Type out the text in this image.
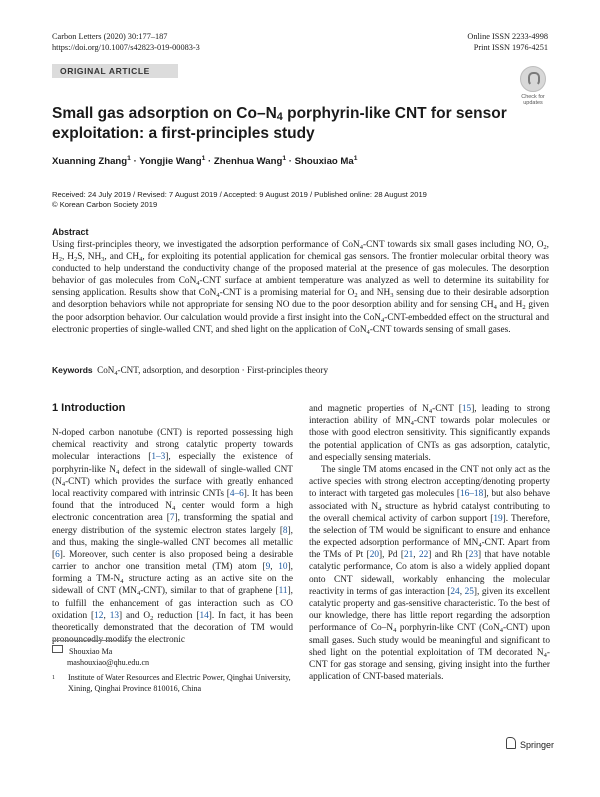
Carbon Letters (2020) 30:177–187
https://doi.org/10.1007/s42823-019-00083-3
Online ISSN 2233-4998
Print ISSN 1976-4251
ORIGINAL ARTICLE
Check for updates
Small gas adsorption on $Co-N_4$ porphyrin-like CNT for sensor exploitation: a first-principles study
Xuanning Zhang$^1$ · Yongjie Wang$^1$ · Zhenhua Wang$^1$ · Shouxiao Ma$^1$
Received: 24 July 2019 / Revised: 7 August 2019 / Accepted: 9 August 2019 / Published online: 28 August 2019
© Korean Carbon Society 2019
Abstract
Using first-principles theory, we investigated the adsorption performance of CoN$_4$-CNT towards six small gases including NO, $O_2$, $H_2$, $H_2S$, $NH_3$, and $CH_4$, for exploiting its potential application for chemical gas sensors. The frontier molecular orbital theory was conducted to help understand the conductivity change of the proposed material at the presence of gas molecules. The desorption behavior of gas molecules from CoN$_4$-CNT surface at ambient temperature was analyzed as well to determine its suitability for sensing application. Results show that CoN$_4$-CNT is a promising material for $O_2$ and $NH_3$ sensing due to their desirable adsorption and desorption behaviors while not appropriate for sensing NO due to the poor desorption ability and for sensing $CH_4$ and $H_2$ given the poor adsorption behavior. Our calculation would provide a first insight into the CoN$_4$-CNT-embedded effect on the structural and electronic properties of single-walled CNT, and shed light on the application of CoN$_4$-CNT towards sensing of small gases.
Keywords CoN$_4$-CNT, adsorption, and desorption · First-principles theory
1 Introduction

N-doped carbon nanotube (CNT) is reported possessing high chemical reactivity and strong catalytic property towards molecular interactions [1–3], especially the existence of porphyrin-like $N_4$ defect in the sidewall of single-walled CNT $(N_4-CNT)$ which provides the surface with greatly enhanced local reactivity compared with intrinsic CNTs [4–6]. It has been found that the introduced $N_4$ center would form a high electronic concentration area [7], transforming the spatial and energy distribution of the systemic electron states largely [8], and thus, making the single-walled CNT becomes all metallic [6]. Moreover, such center is also proposed being a desirable carrier to anchor one transition metal (TM) atom [9, 10], forming a $TM-N_4$ structure acting as an active site on the sidewall of CNT $(MN_4-CNT)$, similar to that of graphene [11], to fulfill the enhancement of gas interaction such as CO oxidation [12, 13] and $O_2$ reduction [14]. In fact, it has been theoretically demonstrated that the decoration of TM would pronouncedly modify the electronic

and magnetic properties of $N_4$-CNT [15], leading to strong interaction ability of $MN_4$-CNT towards polar molecules or those with good electron sensitivity. This significantly expands the potential application of CNTs as gas adsorption, catalytic, and especially sensing materials.

The single TM atoms encased in the CNT not only act as the active species with strong electron accepting/denoting property to interact with targeted gas molecules [16–18], but also behave associated with $N_4$ structure as hybrid catalyst contributing to the overall chemical activity of carbon support [19]. Therefore, the selection of TM would be significant to ensure and enhance the expected adsorption performance of $MN_4$-CNT. Apart from the TMs of Pt [20], Pd [21, 22] and Rh [23] that have notable catalytic performance, Co atom is also a widely applied dopant onto CNT sidewall, workably enhancing the molecular reactivity in terms of gas interaction [24, 25], given its excellent catalytic property and gas-sensitive characteristic. To the best of our knowledge, there has little report regarding the adsorption performance of $Co-N_4$ porphyrin-like CNT (CoN$_4$-CNT) upon small gases. Such study would be meaningful and significant to shed light on the potential exploitation of TM decorated $N_4$-CNT for gas storage and sensing, giving insight into the further application of CNT-based materials.

Shouxiao Ma
mashouxiao@qhu.edu.cn
1 Institute of Water Resources and Electric Power, Qinghai University, Xining, Qinghai Province 810016, China
Springer
